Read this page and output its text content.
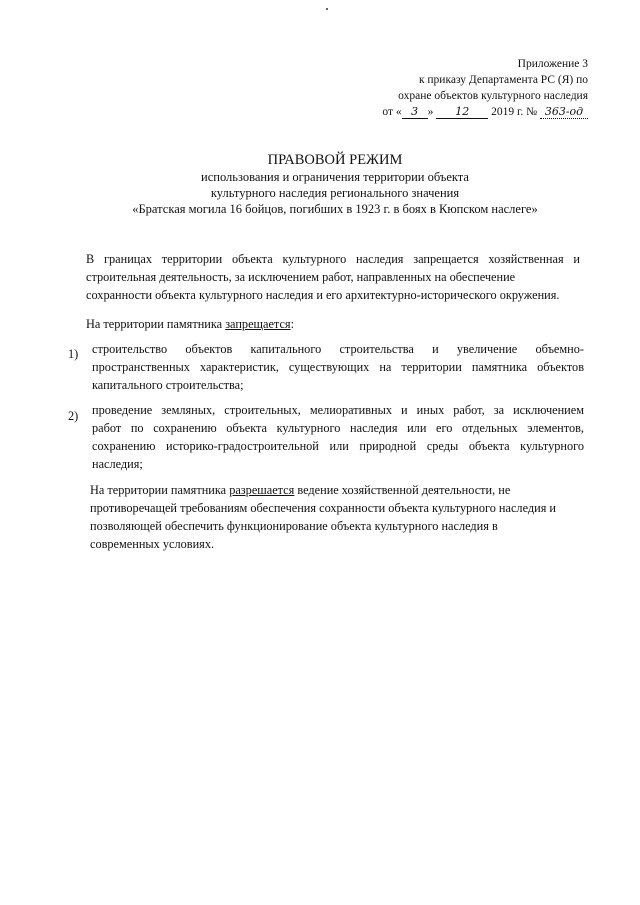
Приложение 3
к приказу Департамента РС (Я) по
охране объектов культурного наследия
от « 3 » 12 2019 г. № 363-од
ПРАВОВОЙ РЕЖИМ
использования и ограничения территории объекта
культурного наследия регионального значения
«Братская могила 16 бойцов, погибших в 1923 г. в боях в Кюпском наслеге»
В границах территории объекта культурного наследия запрещается хозяйственная и
строительная деятельность, за исключением работ, направленных на обеспечение
сохранности объекта культурного наследия и его архитектурно-исторического окружения.
На территории памятника запрещается:
1) строительство объектов капитального строительства и увеличение объемно-
пространственных характеристик, существующих на территории памятника объектов
капитального строительства;
2) проведение земляных, строительных, мелиоративных и иных работ, за исключением
работ по сохранению объекта культурного наследия или его отдельных элементов,
сохранению историко-градостроительной или природной среды объекта культурного
наследия;
На территории памятника разрешается ведение хозяйственной деятельности, не
противоречащей требованиям обеспечения сохранности объекта культурного наследия и
позволяющей обеспечить функционирование объекта культурного наследия в
современных условиях.
